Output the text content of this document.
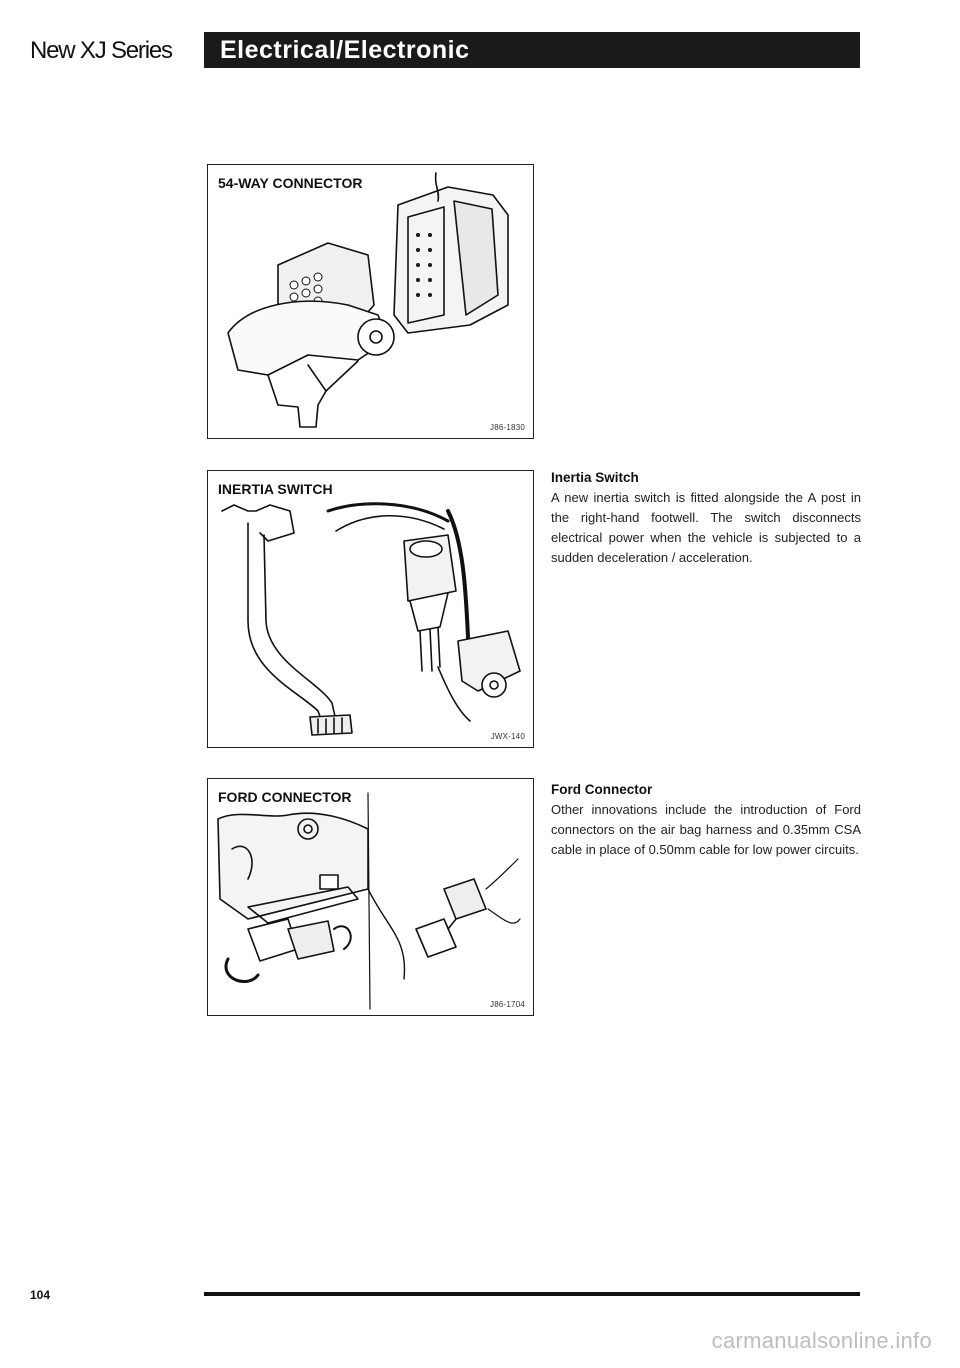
New XJ Series Electrical/Electronic
54-WAY CONNECTOR
J86-1830
INERTIA SWITCH
JWX-140
FORD CONNECTOR
J86-1704
Inertia Switch

A new inertia switch is fitted alongside the A post in the right-hand footwell. The switch disconnects electrical power when the vehicle is subjected to a sudden deceleration / acceleration.

Ford Connector

Other innovations include the introduction of Ford connectors on the air bag harness and 0.35mm CSA cable in place of 0.50mm cable for low power circuits.

104
carmanualsonline.info
